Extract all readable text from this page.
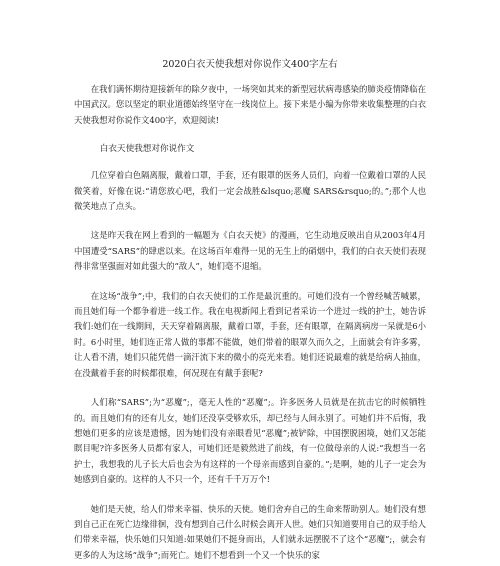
2020白衣天使我想对你说作文400字左右

在我们满怀期待迎接新年的除夕夜中，一场突如其来的新型冠状病毒感染的肺炎疫情降临在中国武汉。您以坚定的职业道德始终坚守在一线岗位上。接下来是小编为你带来收集整理的白衣天使我想对你说作文400字，欢迎阅读!

白衣天使我想对你说作文

几位穿着白色隔离服，戴着口罩，手套，还有眼罩的医务人员们，向着一位戴着口罩的人民微笑着，好像在说:“请您放心吧，我们一定会战胜&lsquo;恶魔 SARS&rsquo;的。”;那个人也微笑地点了点头。

这是昨天我在网上看到的一幅题为《白衣天使》的漫画，它生动地反映出自从2003年4月中国遭受“SARS”的肆虐以来。在这场百年难得一见的无生上的硝烟中，我们的白衣天使们表现得非常坚强面对如此强大的“敌人”，她们毫不退缩。

在这场“战争”;中，我们的白衣天使们的工作是最沉重的。可她们没有一个曾经喊苦喊累，而且她们每一个都争着进一线工作。我在电视新闻上看到记者采访一个进过一线的护士，她告诉我们:她们在一线期间，天天穿着隔离服，戴着口罩，手套，还有眼罩，在隔离病房一呆就是6小时。6小时里，她们连正常人做的事都不能做，她们带着的眼罩久而久之，上面就会有许多雾，让人看不清，她们只能凭借一滴汗流下来的微小的亮光来看。她们还说最难的就是给病人抽血，在没戴着手套的时候都很难，何况现在有戴手套呢?

人们称“SARS”;为“恶魔”;，毫无人性的“恶魔”;。许多医务人员就是在抗击它的时候牺牲的。而且她们有的还有儿女，她们还没享受够欢乐，却已经与人间永别了。可她们并不后悔，我想她们更多的应该是遗憾，因为她们没有亲眼看见“恶魔”;被铲除，中国摆脱困境，她们又怎能瞑目呢?许多医务人员都有家人，可她们还是毅然进了前线，有一位做母亲的人说:“我想当一名护士，我想我的儿子长大后也会为有这样的一个母亲而感到自豪的。”;是啊，她的儿子一定会为她感到自豪的。这样的人不只一个，还有千千万万个!

她们是天使，给人们带来幸福、快乐的天使。她们舍弃自己的生命来帮助别人。她们没有想到自己正在死亡边缘徘徊，没有想到自己什么时候会离开人世。她们只知道要用自己的双手给人们带来幸福，快乐她们只知道:如果她们不挺身而出，人们就永远摆脱不了这个“恶魔”;，就会有更多的人为这场“战争”;而死亡。她们不想看到一个又一个快乐的家
